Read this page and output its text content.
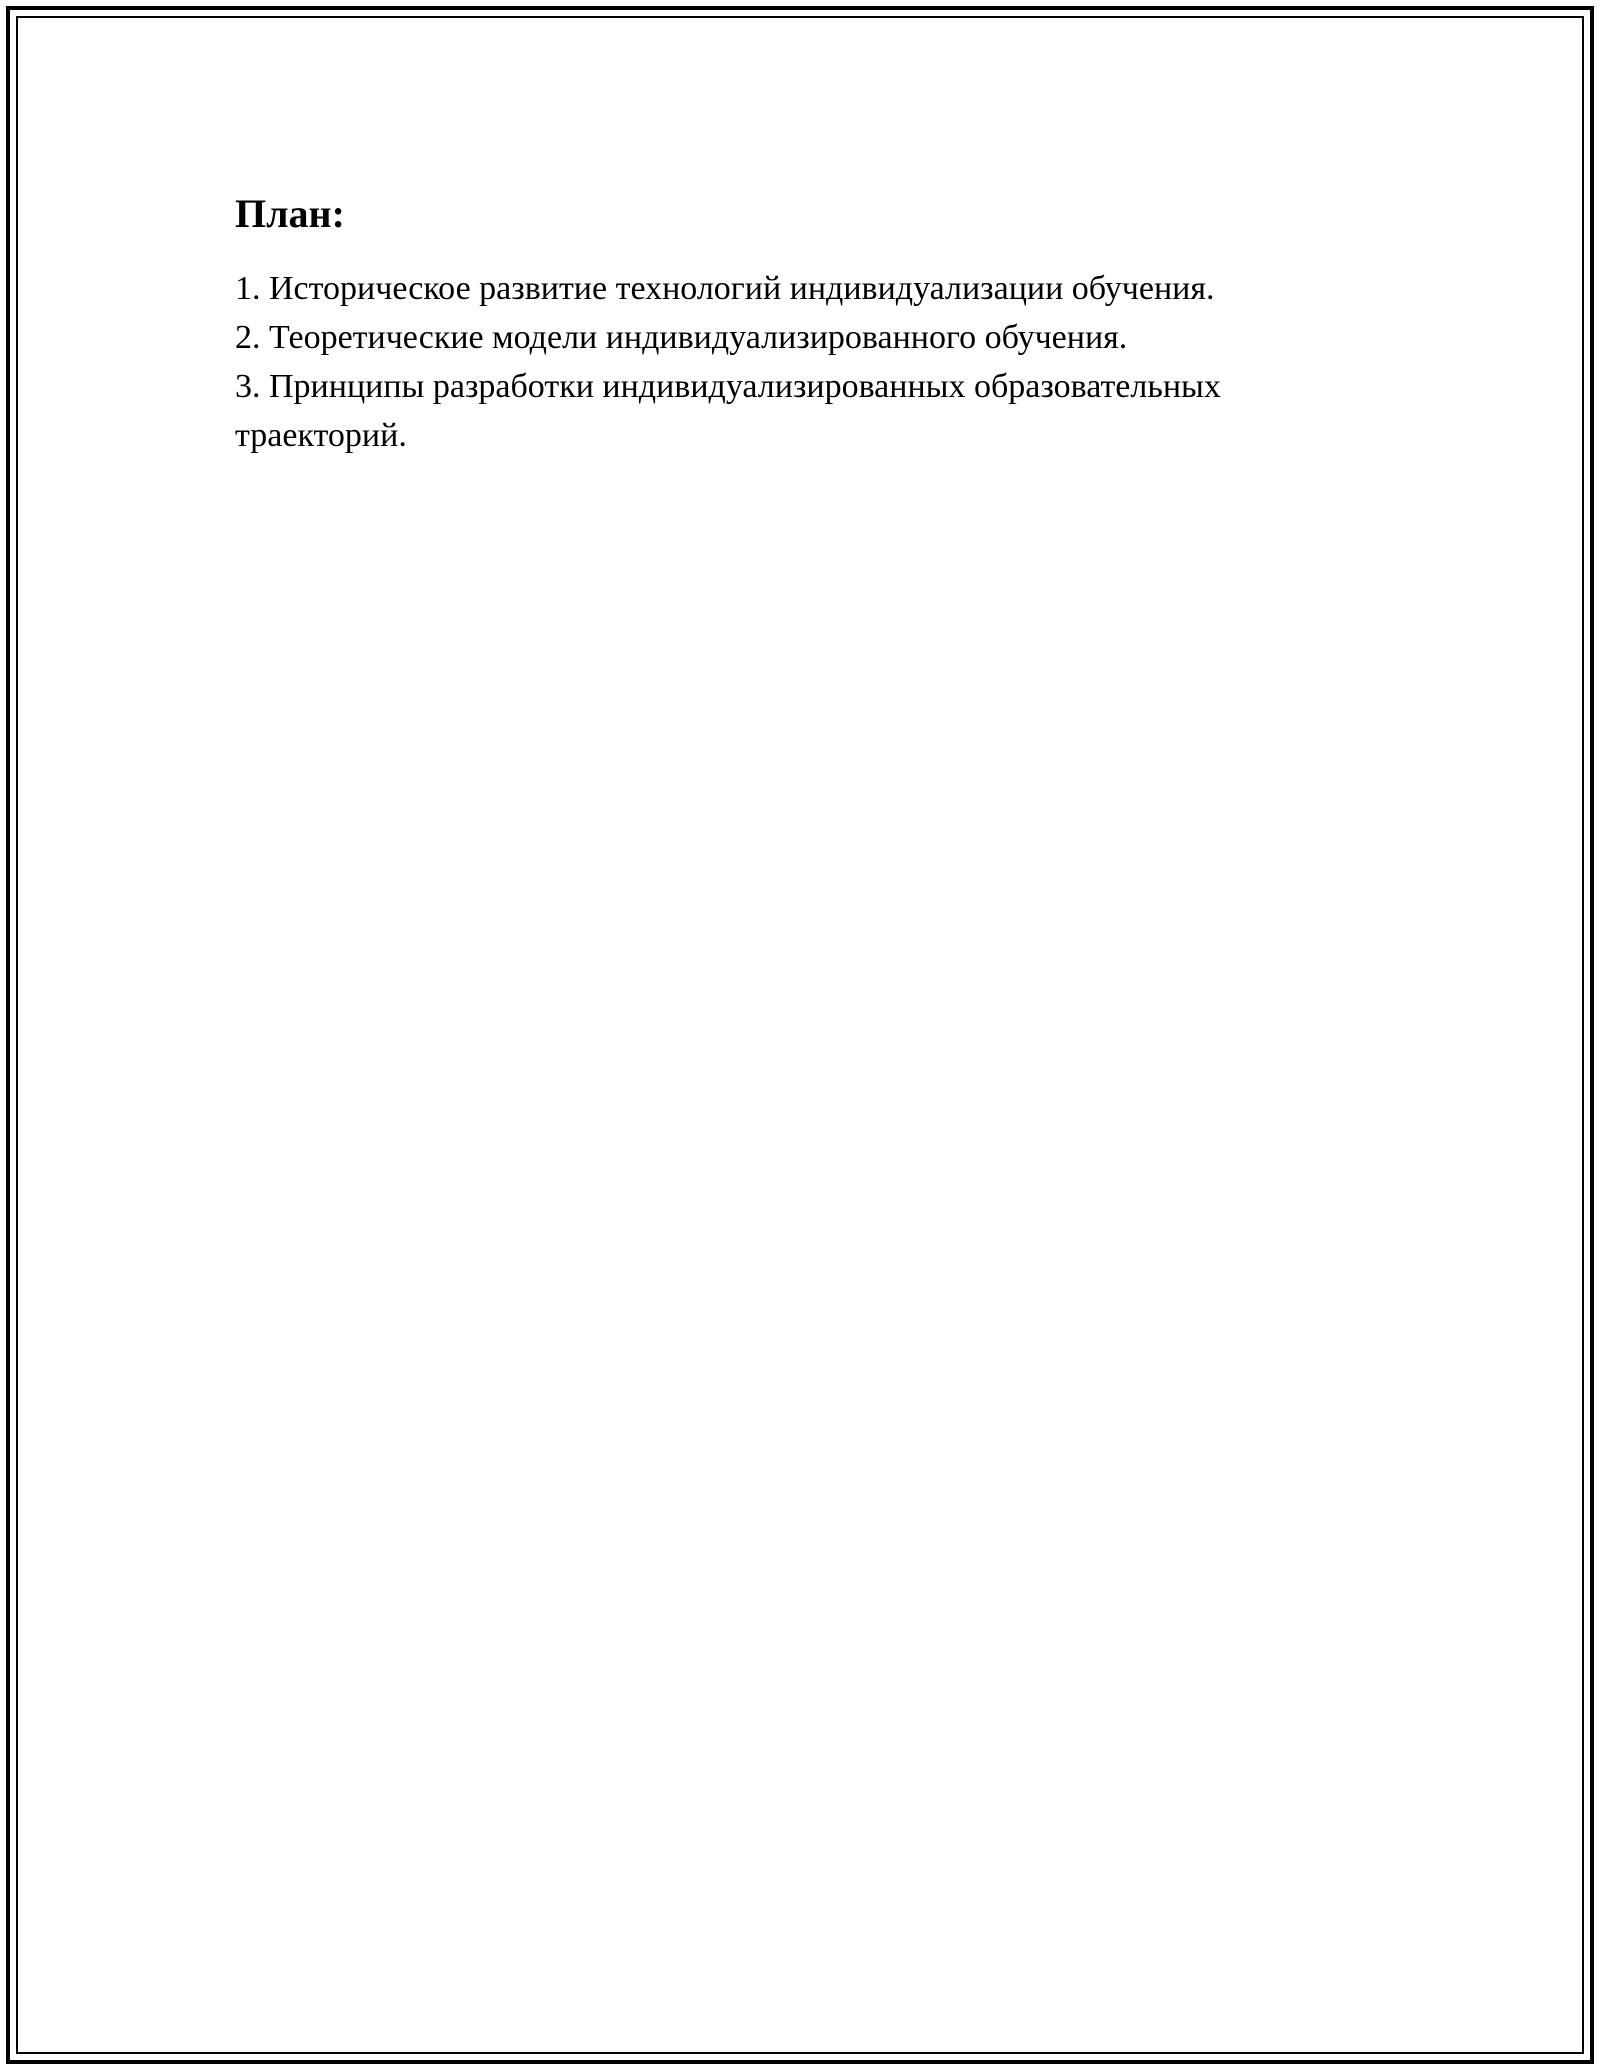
План:
1. Историческое развитие технологий индивидуализации обучения.
2. Теоретические модели индивидуализированного обучения.
3. Принципы разработки индивидуализированных образовательных траекторий.
